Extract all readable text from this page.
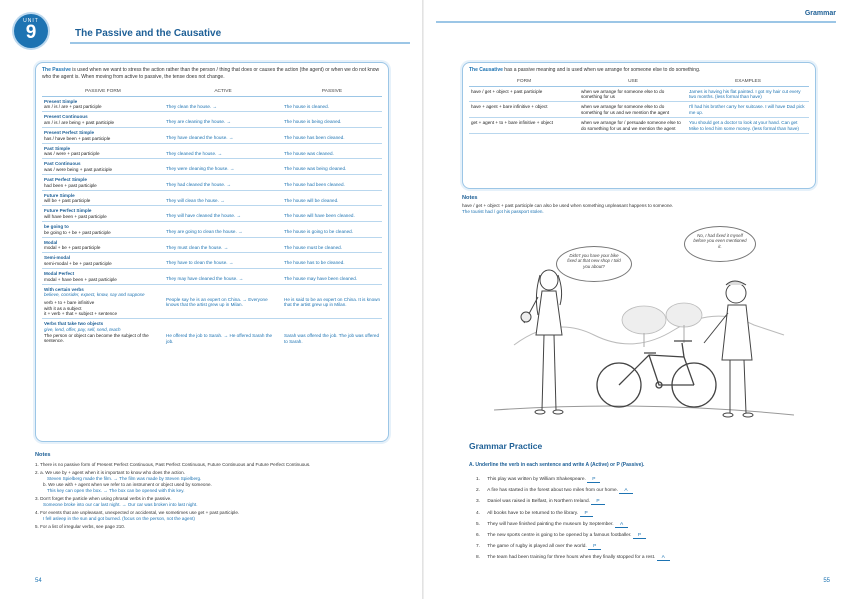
UNIT
9	The Passive and the Causative
The Passive is used when we want to stress the action rather than the person / thing that does or causes the action (the agent) or when we do not know who the agent is. When moving from active to passive, the tense does not change.
PASSIVE FORM	ACTIVE	PASSIVE

Present Simple
am / is / are + past participle	They clean the house. →	The house is cleaned.

Present Continuous
am / is / are being + past participle	They are cleaning the house. →	The house is being cleaned.

Present Perfect Simple
has / have been + past participle	They have cleaned the house. →	The house has been cleaned.

Past Simple
was / were + past participle	They cleaned the house. →	The house was cleaned.

Past Continuous
was / were being + past participle	They were cleaning the house. →	The house was being cleaned.

Past Perfect Simple
had been + past participle	They had cleaned the house. →	The house had been cleaned.

Future Simple
will be + past participle	They will clean the house. →	The house will be cleaned.

Future Perfect Simple
will have been + past participle	They will have cleaned the house. →	The house will have been cleaned.

be going to
be going to + be + past participle	They are going to clean the house. →	The house is going to be cleaned.

Modal
modal + be + past participle	They must clean the house. →	The house must be cleaned.

Semi-modal
semi-modal + be + past participle	They have to clean the house. →	The house has to be cleaned.

Modal Perfect
modal + have been + past participle	They may have cleaned the house. →	The house may have been cleaned.

With certain verbs
believe, consider, expect, know, say and suppose
verb + to + bare infinitive
with it as a subject
it + verb + that + subject + sentence	People say he is an expert on China. → Everyone knows that the artist grew up in Milan.	He is said to be an expert on China. It is known that the artist grew up in Milan.

Verbs that take two objects
give, lend, offer, pay, sell, send, teach
The person or object can become the subject of the sentence.	He offered the job to Sarah. → He offered Sarah the job.	Sarah was offered the job. The job was offered to Sarah.
Notes
1. There is no passive form of Present Perfect Continuous, Past Perfect Continuous, Future Continuous and Future Perfect Continuous.
2. a. We use by + agent when it is important to know who does the action.
Steven Spielberg made the film. → The film was made by Steven Spielberg.
b. We use with + agent when we refer to an instrument or object used by someone.
This key can open the box. → The box can be opened with this key.
3. Don't forget the particle when using phrasal verbs in the passive.
Someone broke into our car last night. → Our car was broken into last night.
4. For events that are unpleasant, unexpected or accidental, we sometimes use get + past participle.
I fell asleep in the sun and got burned. (focus on the person, not the agent)
5. For a list of irregular verbs, see page 210.
54
Grammar
The Causative has a passive meaning and is used when we arrange for someone else to do something.
FORM	USE	EXAMPLES
have / get + object + past participle	when we arrange for someone else to do something for us	James is having his flat painted. I got my hair cut every two months. (less formal than have)
have + agent + bare infinitive + object	when we arrange for someone else to do something for us and we mention the agent	I'll had his brother carry her suitcase. I will have Dad pick me up.
get + agent + to + bare infinitive + object	when we arrange for / persuade someone else to do something for us and we mention the agent	You should get a doctor to look at your hand. Can get Mike to lend him some money. (less formal than have)
Notes
have / get + object + past participle can also be used when something unpleasant happens to someone.
The tourist had / got his passport stolen.
Didn't you have your bike fixed at that new shop I told you about?
No, I had fixed it myself before you even mentioned it.
Grammar Practice
A. Underline the verb in each sentence and write A (Active) or P (Passive).
1. This play was written by William Shakespeare. P
2. A fire has started in the forest about two miles from our home. A
3. Daniel was raised in Belfast, in Northern Ireland. P
4. All books have to be returned to the library. P
5. They will have finished painting the museum by September. A
6. The new sports centre is going to be opened by a famous footballer. P
7. The game of rugby is played all over the world. P
8. The team had been training for three hours when they finally stopped for a rest. A
55
